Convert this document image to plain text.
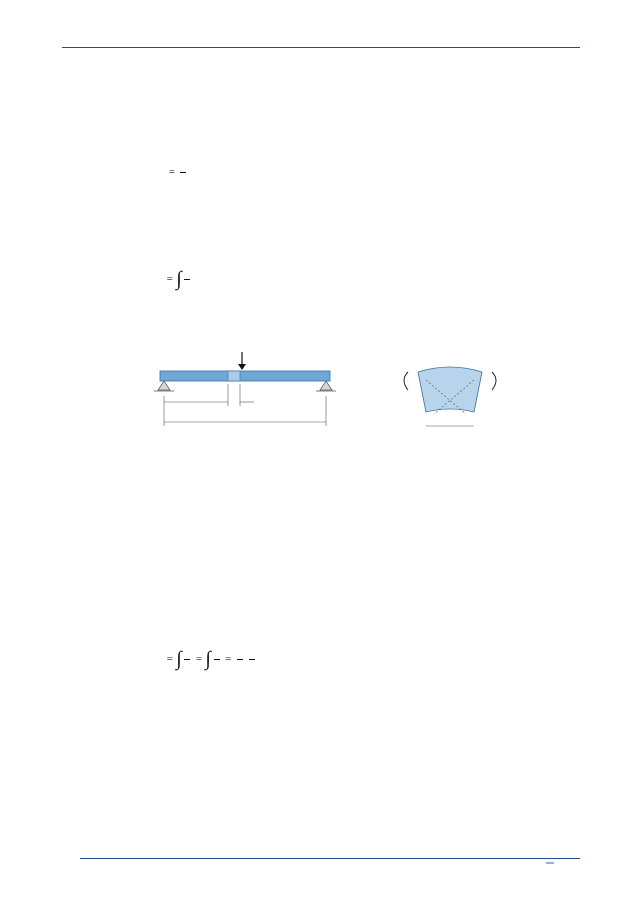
=

= ∫

= ∫

= ∫

=
